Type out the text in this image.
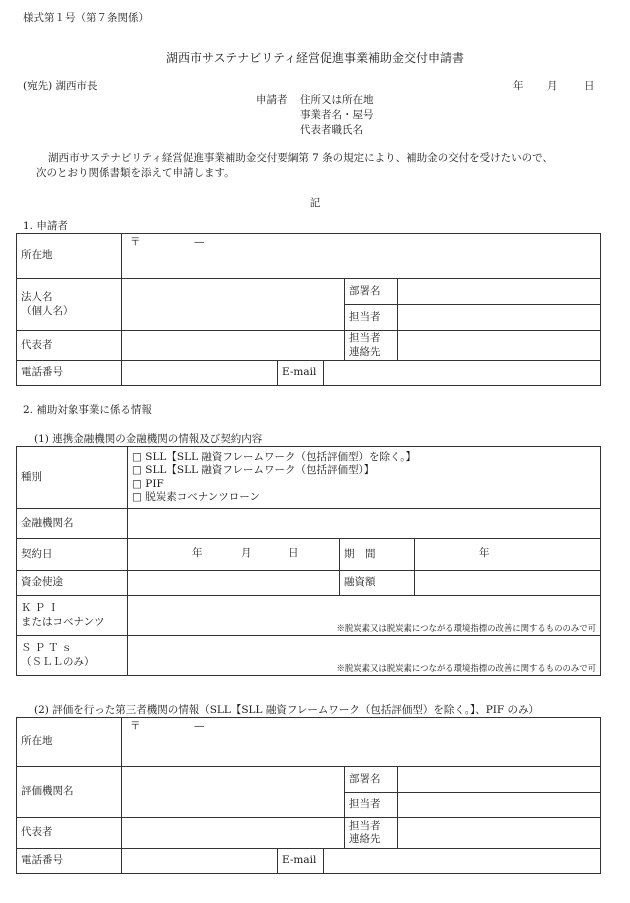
様式第１号（第７条関係）
湖西市サステナビリティ経営促進事業補助金交付申請書
(宛先) 湖西市長	年 月	日
申請者 住所又は所在地
事業者名・屋号
代表者職氏名
湖西市サステナビリティ経営促進事業補助金交付要綱第 7 条の規定により、補助金の交付を受けたいので、
次のとおり関係書類を添えて申請します。
記
1. 申請者
所在地	〒 —				

法人名
（個人名）				部署名	
				担当者	
代表者				担当者
連絡先	
電話番号		E-mail			
2. 補助対象事業に係る情報
(1) 連携金融機関の金融機関の情報及び契約内容
種別	□ SLL【SLL 融資フレームワーク（包括評価型）を除く。】
□ SLL【SLL 融資フレームワーク（包括評価型）】
□ PIF
□ 脱炭素コベナンツローン		

金融機関名			
契約日	年 月 日	期　間	年

資金使途		融資額	
ＫＰＩ
またはコベナンツ	※脱炭素又は脱炭素につながる環境指標の改善に関するもののみで可		

ＳＰＴｓ
（ＳＬＬのみ）	※脱炭素又は脱炭素につながる環境指標の改善に関するもののみで可		
(2) 評価を行った第三者機関の情報（SLL【SLL 融資フレームワーク（包括評価型）を除く。】、PIF のみ）
所在地	〒 —				

評価機関名				部署名	
				担当者	
代表者				担当者
連絡先	
電話番号		E-mail			
